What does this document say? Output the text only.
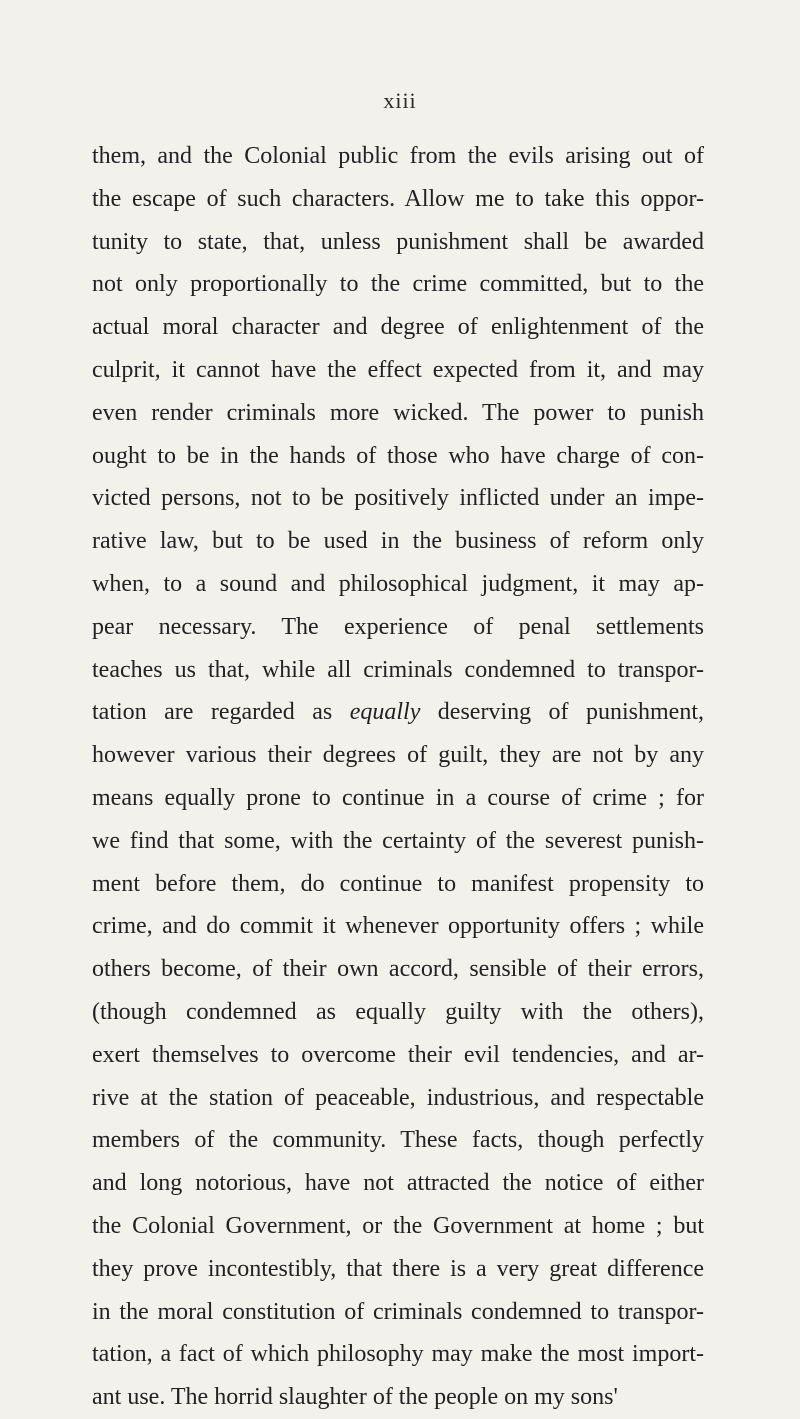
xiii
them, and the Colonial public from the evils arising out of
the escape of such characters. Allow me to take this oppor-
tunity to state, that, unless punishment shall be awarded
not only proportionally to the crime committed, but to the
actual moral character and degree of enlightenment of the
culprit, it cannot have the effect expected from it, and may
even render criminals more wicked. The power to punish
ought to be in the hands of those who have charge of con-
victed persons, not to be positively inflicted under an impe-
rative law, but to be used in the business of reform only
when, to a sound and philosophical judgment, it may ap-
pear necessary. The experience of penal settlements
teaches us that, while all criminals condemned to transpor-
tation are regarded as equally deserving of punishment,
however various their degrees of guilt, they are not by any
means equally prone to continue in a course of crime ; for
we find that some, with the certainty of the severest punish-
ment before them, do continue to manifest propensity to
crime, and do commit it whenever opportunity offers ; while
others become, of their own accord, sensible of their errors,
(though condemned as equally guilty with the others),
exert themselves to overcome their evil tendencies, and ar-
rive at the station of peaceable, industrious, and respectable
members of the community. These facts, though perfectly
and long notorious, have not attracted the notice of either
the Colonial Government, or the Government at home ; but
they prove incontestibly, that there is a very great difference
in the moral constitution of criminals condemned to transpor-
tation, a fact of which philosophy may make the most import-
ant use. The horrid slaughter of the people on my sons'
